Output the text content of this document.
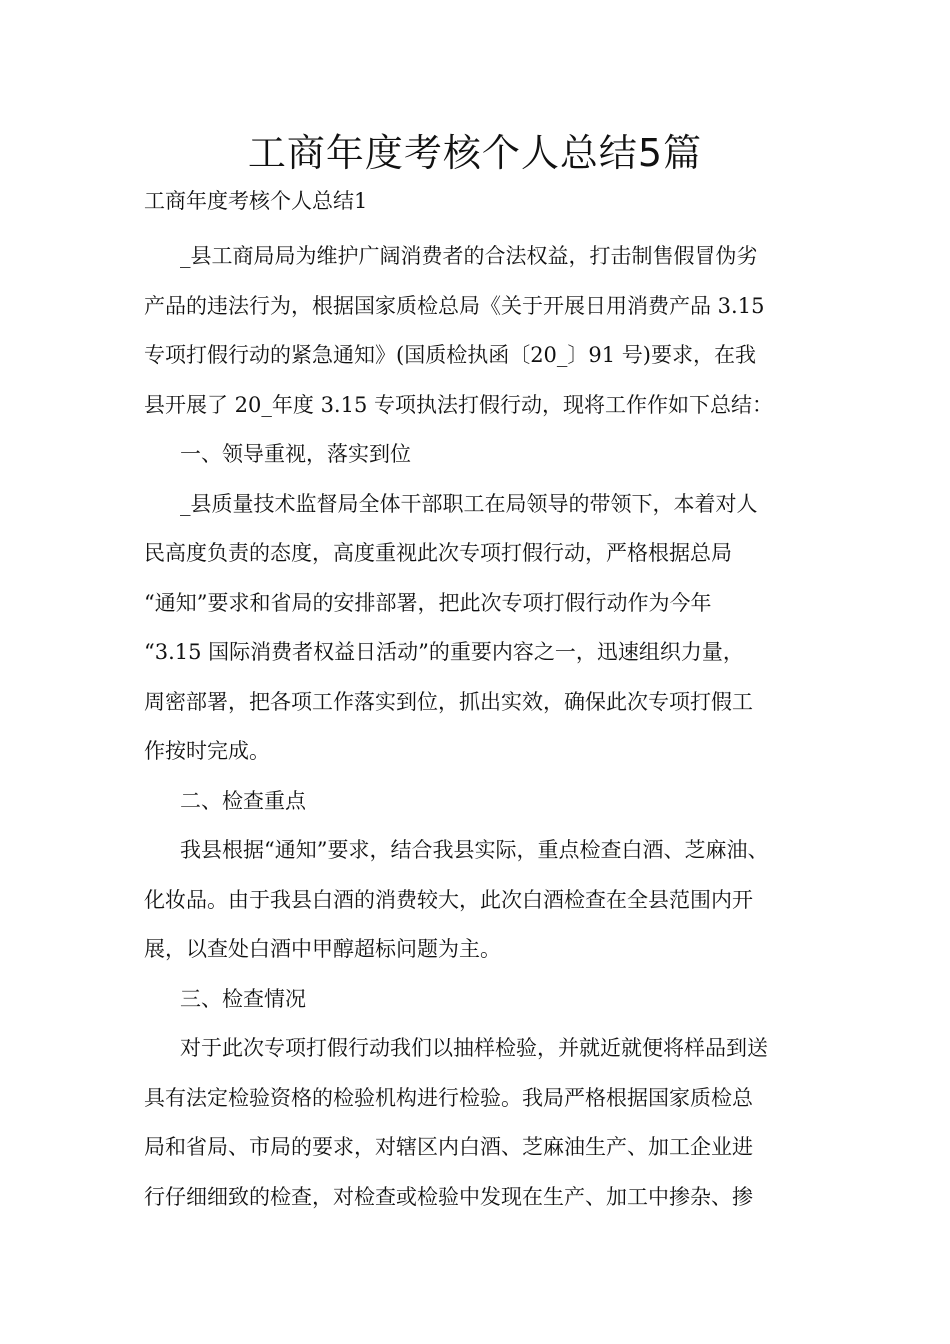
工商年度考核个人总结5篇
工商年度考核个人总结1

_县工商局局为维护广阔消费者的合法权益，打击制售假冒伪劣
产品的违法行为，根据国家质检总局《关于开展日用消费产品 3.15
专项打假行动的紧急通知》(国质检执函〔20_〕91 号)要求，在我
县开展了 20_年度 3.15 专项执法打假行动，现将工作作如下总结：

一、领导重视，落实到位

_县质量技术监督局全体干部职工在局领导的带领下，本着对人
民高度负责的态度，高度重视此次专项打假行动，严格根据总局
“通知”要求和省局的安排部署，把此次专项打假行动作为今年
“3.15 国际消费者权益日活动”的重要内容之一，迅速组织力量，
周密部署，把各项工作落实到位，抓出实效，确保此次专项打假工
作按时完成。

二、检查重点

我县根据“通知”要求，结合我县实际，重点检查白酒、芝麻油、
化妆品。由于我县白酒的消费较大，此次白酒检查在全县范围内开
展，以查处白酒中甲醇超标问题为主。

三、检查情况

对于此次专项打假行动我们以抽样检验，并就近就便将样品到送
具有法定检验资格的检验机构进行检验。我局严格根据国家质检总
局和省局、市局的要求，对辖区内白酒、芝麻油生产、加工企业进
行仔细细致的检查，对检查或检验中发现在生产、加工中掺杂、掺
